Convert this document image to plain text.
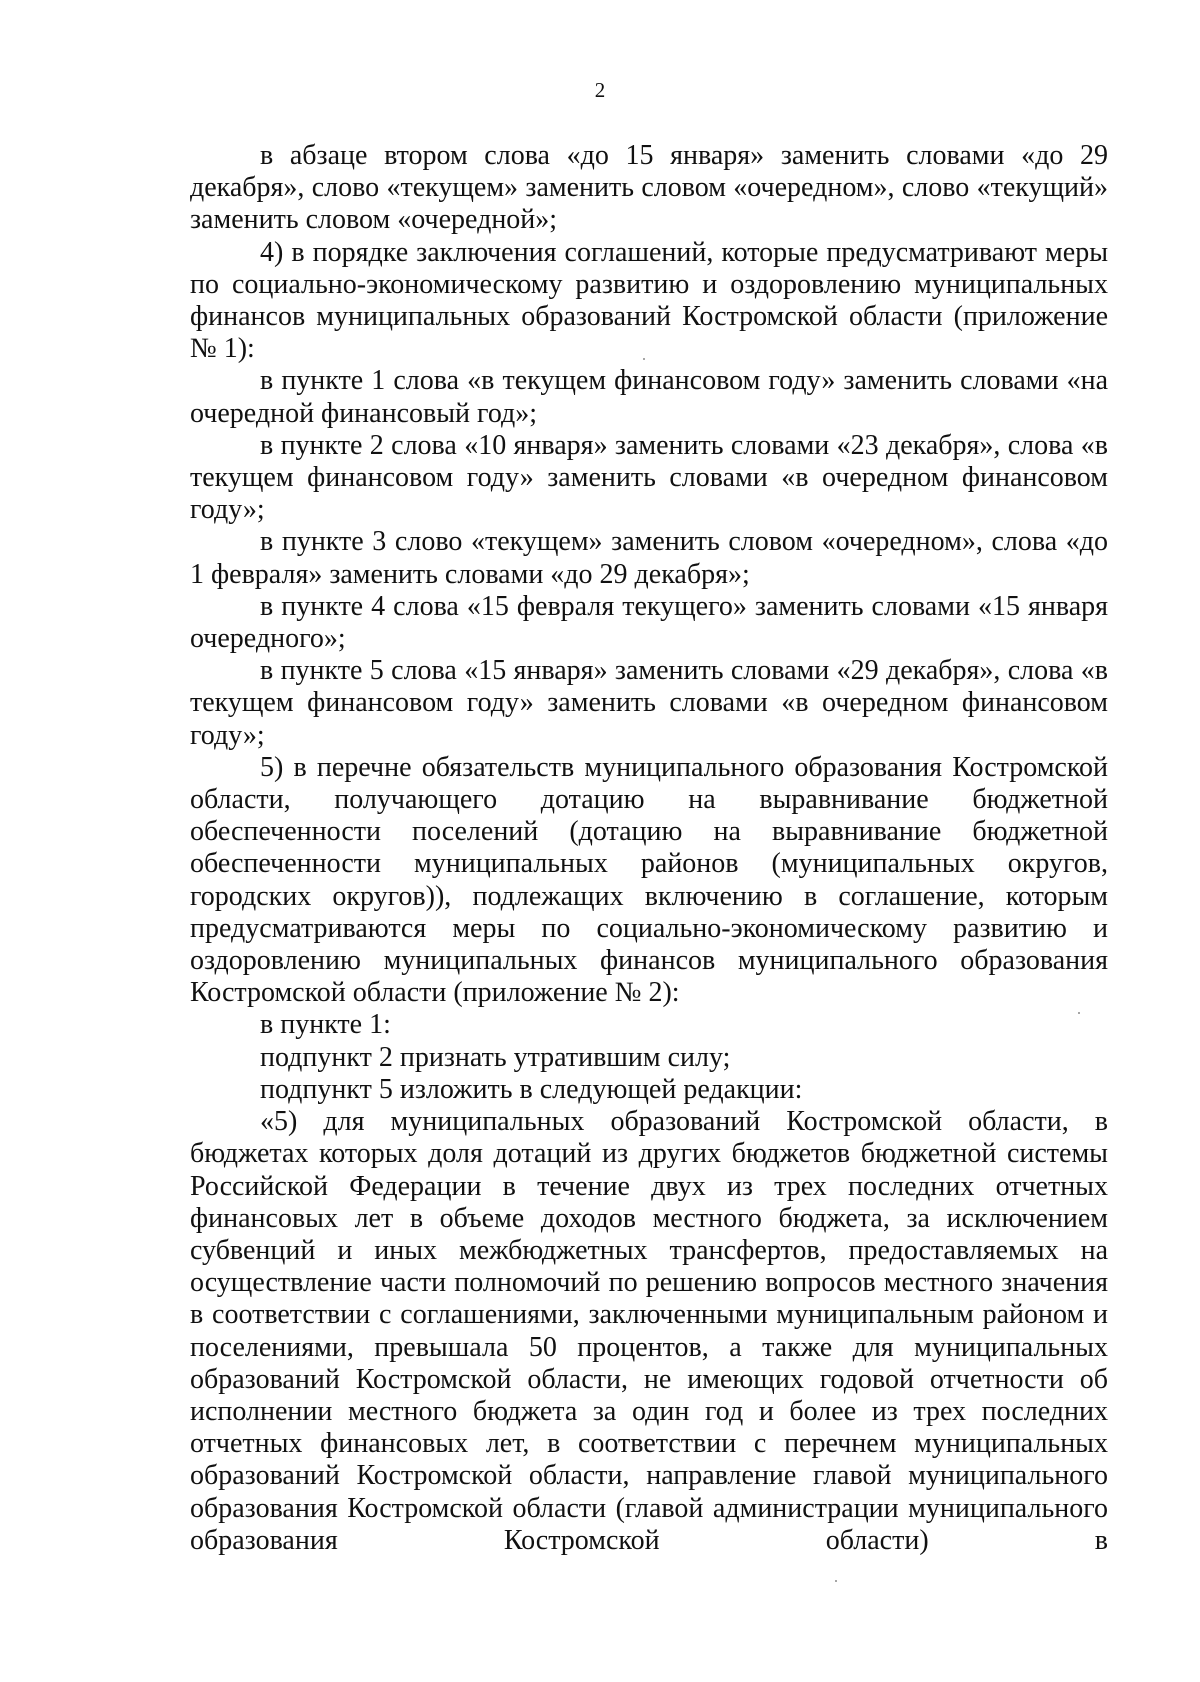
2

в абзаце втором слова «до 15 января» заменить словами «до 29 декабря», слово «текущем» заменить словом «очередном», слово «текущий» заменить словом «очередной»;

4) в порядке заключения соглашений, которые предусматривают меры по социально-экономическому развитию и оздоровлению муниципальных финансов муниципальных образований Костромской области (приложение № 1):

в пункте 1 слова «в текущем финансовом году» заменить словами «на очередной финансовый год»;

в пункте 2 слова «10 января» заменить словами «23 декабря», слова «в текущем финансовом году» заменить словами «в очередном финансовом году»;

в пункте 3 слово «текущем» заменить словом «очередном», слова «до 1 февраля» заменить словами «до 29 декабря»;

в пункте 4 слова «15 февраля текущего» заменить словами «15 января очередного»;

в пункте 5 слова «15 января» заменить словами «29 декабря», слова «в текущем финансовом году» заменить словами «в очередном финансовом году»;

5) в перечне обязательств муниципального образования Костромской области, получающего дотацию на выравнивание бюджетной обеспеченности поселений (дотацию на выравнивание бюджетной обеспеченности муниципальных районов (муниципальных округов, городских округов)), подлежащих включению в соглашение, которым предусматриваются меры по социально-экономическому развитию и оздоровлению муниципальных финансов муниципального образования Костромской области (приложение № 2):

в пункте 1:

подпункт 2 признать утратившим силу;

подпункт 5 изложить в следующей редакции:

«5) для муниципальных образований Костромской области, в бюджетах которых доля дотаций из других бюджетов бюджетной системы Российской Федерации в течение двух из трех последних отчетных финансовых лет в объеме доходов местного бюджета, за исключением субвенций и иных межбюджетных трансфертов, предоставляемых на осуществление части полномочий по решению вопросов местного значения в соответствии с соглашениями, заключенными муниципальным районом и поселениями, превышала 50 процентов, а также для муниципальных образований Костромской области, не имеющих годовой отчетности об исполнении местного бюджета за один год и более из трех последних отчетных финансовых лет, в соответствии с перечнем муниципальных образований Костромской области, направление главой муниципального образования Костромской области (главой администрации муниципального образования Костромской области) в
